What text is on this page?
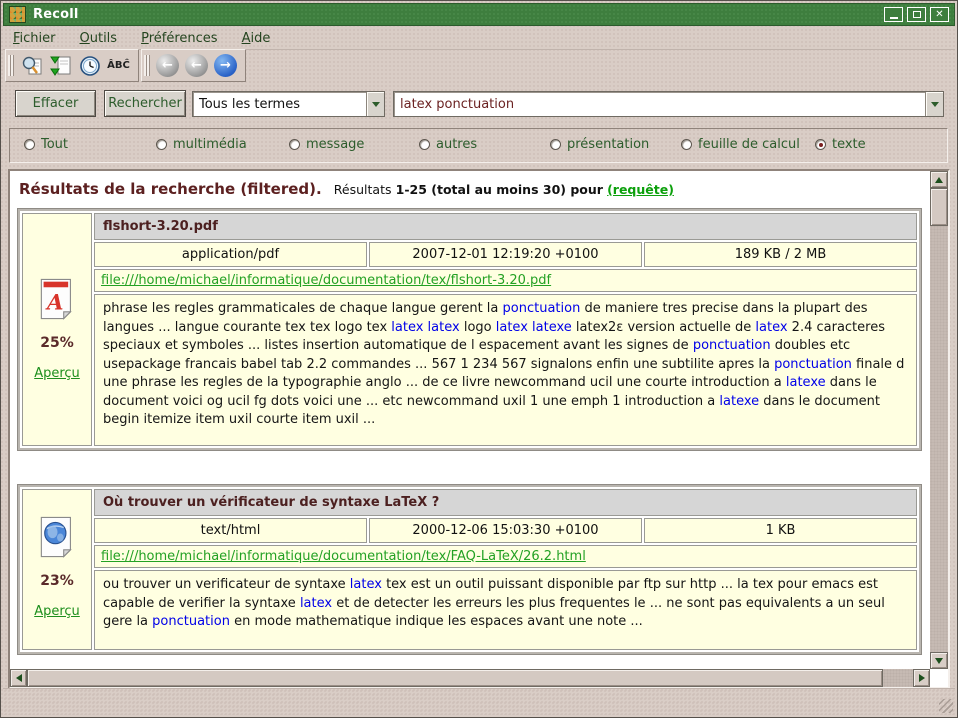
Recoll	✕
Fichier Outils Préférences Aide
ÂBĈ	←	←	→
Effacer	Rechercher	Tous les termes
latex ponctuation
Tout	multimédia	message	autres	présentation	feuille de calcul texte
Résultats de la recherche (filtered). Résultats 1-25 (total au moins 30) pour (requête)
A
25%
Aperçu
flshort-3.20.pdf
application/pdf	2007-12-01 12:19:20 +0100	189 KB / 2 MB
file:///home/michael/informatique/documentation/tex/flshort-3.20.pdf
phrase les regles grammaticales de chaque langue gerent la ponctuation de maniere tres precise dans la plupart des langues ... langue courante tex tex logo tex latex latex logo latex latexe latex2ε version actuelle de latex 2.4 caracteres speciaux et symboles ... listes insertion automatique de l espacement avant les signes de ponctuation doubles etc usepackage francais babel tab 2.2 commandes ... 567 1 234 567 signalons enfin une subtilite apres la ponctuation finale d une phrase les regles de la typographie anglo ... de ce livre newcommand ucil une courte introduction a latexe dans le document voici og ucil fg dots voici une ... etc newcommand uxil 1 une emph 1 introduction a latexe dans le document begin itemize item uxil courte item uxil ...
23%
Aperçu
Où trouver un vérificateur de syntaxe LaTeX ?
text/html	2000-12-06 15:03:30 +0100	1 KB
file:///home/michael/informatique/documentation/tex/FAQ-LaTeX/26.2.html
ou trouver un verificateur de syntaxe latex tex est un outil puissant disponible par ftp sur http ... la tex pour emacs est capable de verifier la syntaxe latex et de detecter les erreurs les plus frequentes le ... ne sont pas equivalents a un seul gere la ponctuation en mode mathematique indique les espaces avant une note ...
